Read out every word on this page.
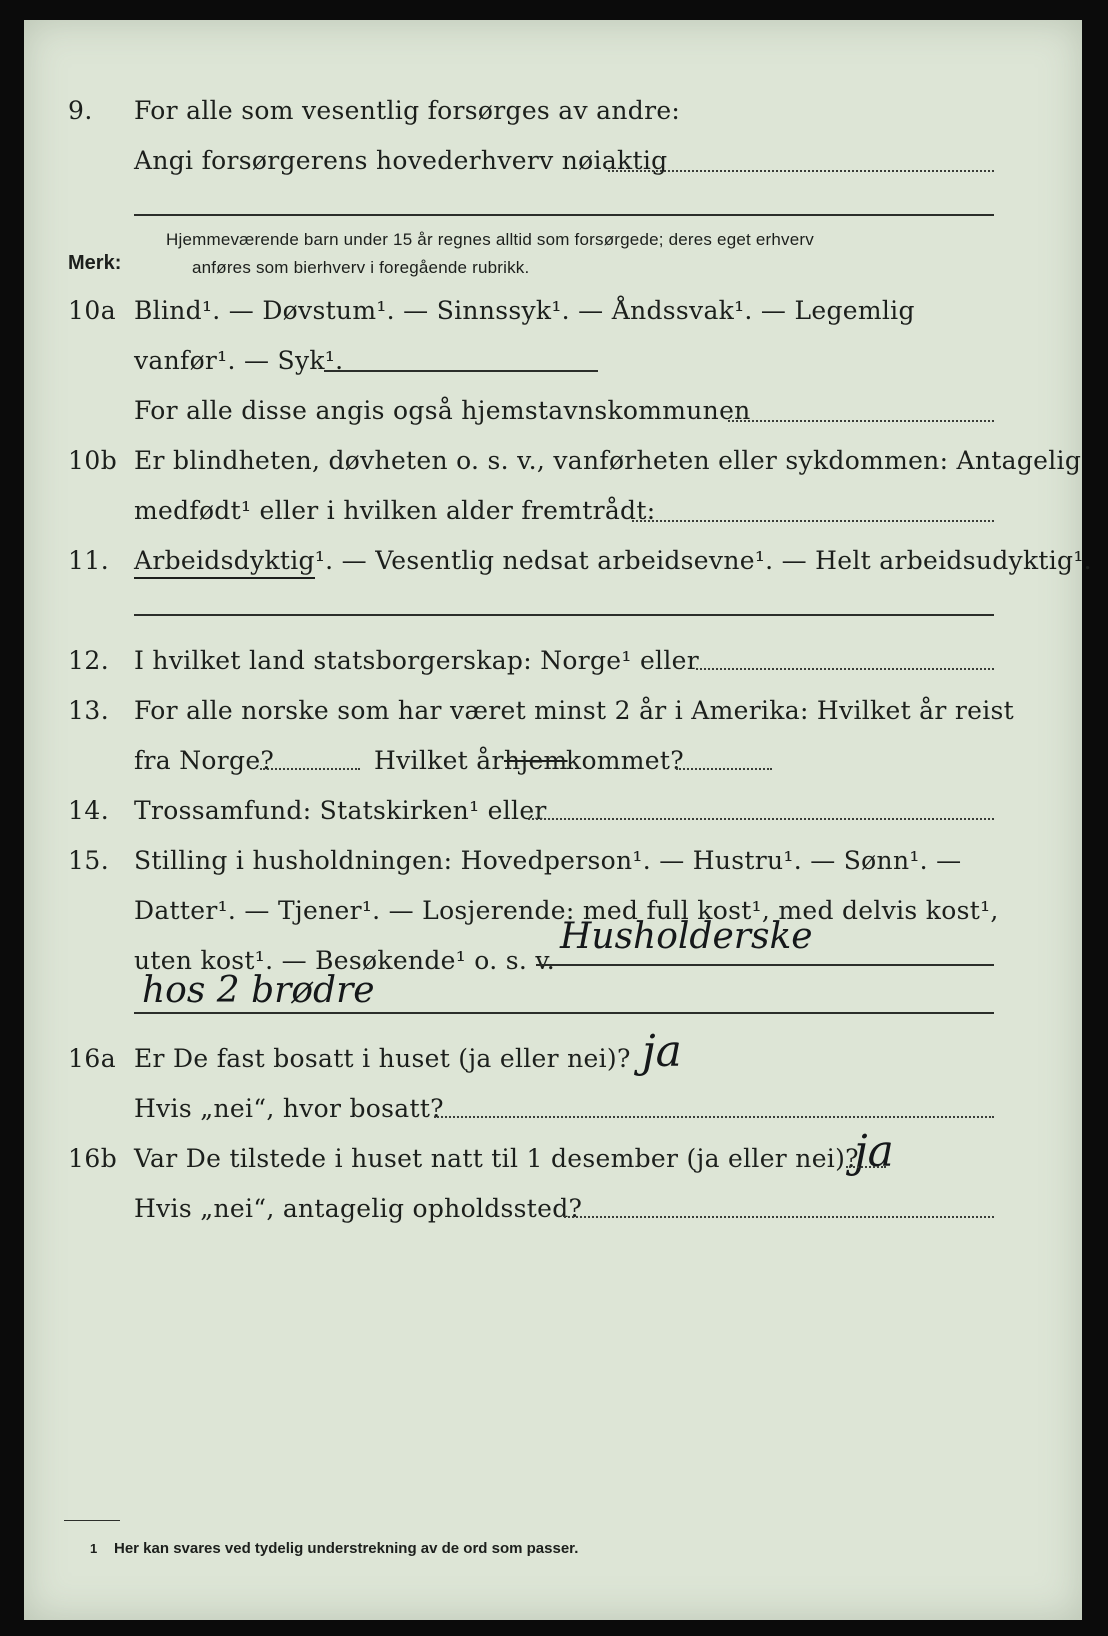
9. For alle som vesentlig forsørges av andre:
Angi forsørgerens hovederhverv nøiaktig
Merk:
Hjemmeværende barn under 15 år regnes alltid som forsørgede; deres eget erhverv
anføres som bierhverv i foregående rubrikk.
10a Blind¹. — Døvstum¹. — Sinnssyk¹. — Åndssvak¹. — Legemlig
vanfør¹. — Syk¹.
For alle disse angis også hjemstavnskommunen
10b Er blindheten, døvheten o. s. v., vanførheten eller sykdommen: Antagelig
medfødt¹ eller i hvilken alder fremtrådt:
11. Arbeidsdyktig¹. — Vesentlig nedsat arbeidsevne¹. — Helt arbeidsudyktig¹.
12. I hvilket land statsborgerskap: Norge¹ eller
13. For alle norske som har været minst 2 år i Amerika: Hvilket år reist
fra Norge?	Hvilket år hjem
kommet?
14. Trossamfund: Statskirken¹ eller
15. Stilling i husholdningen: Hovedperson¹. — Hustru¹. — Sønn¹. —
Datter¹. — Tjener¹. — Losjerende: med full kost¹, med delvis kost¹,
uten kost¹. — Besøkende¹ o. s. v.
Husholderske
hos 2 brødre
16a Er De fast bosatt i huset (ja eller nei)? ja
Hvis „nei“, hvor bosatt?
16b Var De tilstede i huset natt til 1 desember (ja eller nei)?
ja
Hvis „nei“, antagelig opholdssted?
1 Her kan svares ved tydelig understrekning av de ord som passer.
